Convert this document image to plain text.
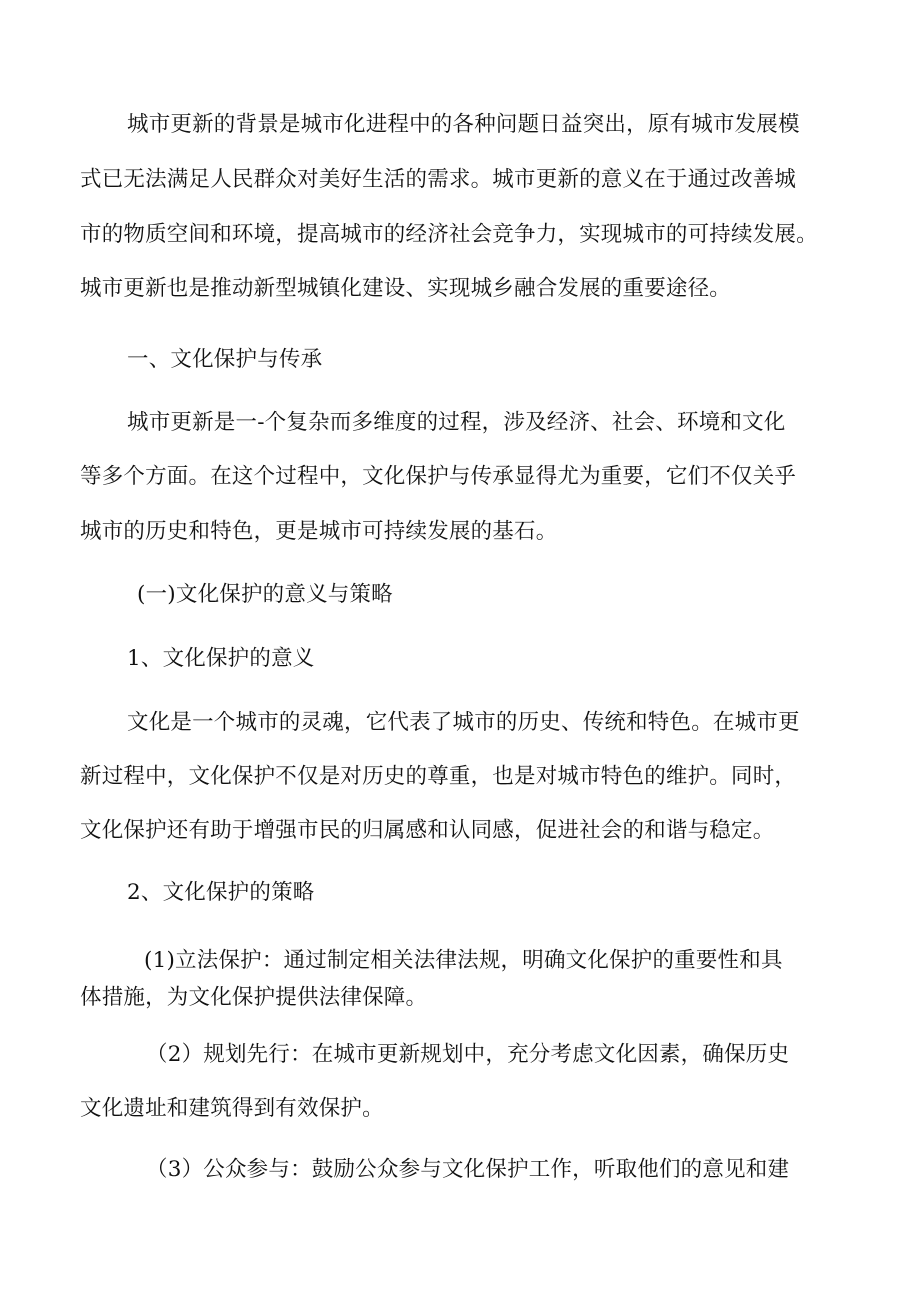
城市更新的背景是城市化进程中的各种问题日益突出，原有城市发展模
式已无法满足人民群众对美好生活的需求。城市更新的意义在于通过改善城
市的物质空间和环境，提高城市的经济社会竞争力，实现城市的可持续发展。
城市更新也是推动新型城镇化建设、实现城乡融合发展的重要途径。
一、文化保护与传承
城市更新是一-个复杂而多维度的过程，涉及经济、社会、环境和文化
等多个方面。在这个过程中，文化保护与传承显得尤为重要，它们不仅关乎
城市的历史和特色，更是城市可持续发展的基石。
(一)文化保护的意义与策略
1、文化保护的意义
文化是一个城市的灵魂，它代表了城市的历史、传统和特色。在城市更
新过程中，文化保护不仅是对历史的尊重，也是对城市特色的维护。同时，
文化保护还有助于增强市民的归属感和认同感，促进社会的和谐与稳定。
2、文化保护的策略
(1)立法保护：通过制定相关法律法规，明确文化保护的重要性和具
体措施，为文化保护提供法律保障。
（2）规划先行：在城市更新规划中，充分考虑文化因素，确保历史
文化遗址和建筑得到有效保护。
（3）公众参与：鼓励公众参与文化保护工作，听取他们的意见和建
